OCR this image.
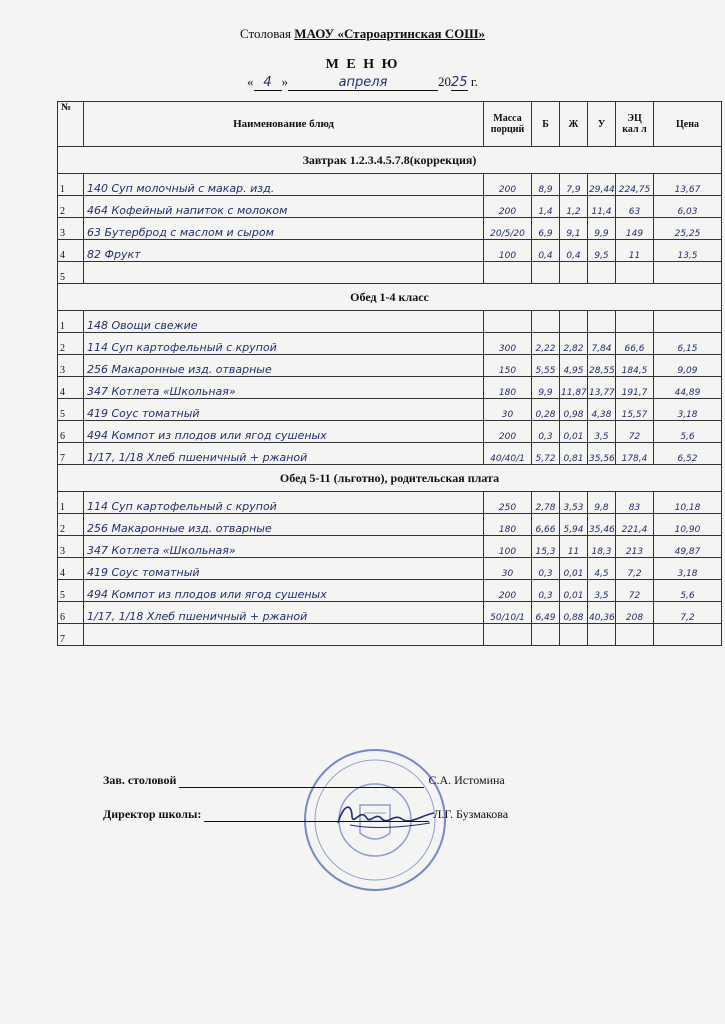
Столовая МАОУ «Староартинская СОШ»
М Е Н Ю
« 4 »	апреля	2025 г.
№	Наименование блюд	Масса порций	Б	Ж	У	ЭЦ кал л	Цена
Завтрак 1.2.3.4.5.7.8(коррекция)							
1	140 Суп молочный с макар. изд.	200	8,9	7,9	29,44	224,75	13,67
2	464 Кофейный напиток с молоком	200	1,4	1,2	11,4	63	6,03
3	63 Бутерброд с маслом и сыром	20/5/20	6,9	9,1	9,9	149	25,25
4	82 Фрукт	100	0,4	0,4	9,5	11	13,5
5							
Обед 1-4 класс							
1	148 Овощи свежие						
2	114 Суп картофельный с крупой	300	2,22	2,82	7,84	66,6	6,15
3	256 Макаронные изд. отварные	150	5,55	4,95	28,55	184,5	9,09
4	347 Котлета «Школьная»	180	9,9	11,87	13,77	191,7	44,89
5	419 Соус томатный	30	0,28	0,98	4,38	15,57	3,18
6	494 Компот из плодов или ягод сушеных	200	0,3	0,01	3,5	72	5,6
7	1/17, 1/18 Хлеб пшеничный + ржаной	40/40/1	5,72	0,81	35,56	178,4	6,52
Обед 5-11 (льготно), родительская плата							
1	114 Суп картофельный с крупой	250	2,78	3,53	9,8	83	10,18
2	256 Макаронные изд. отварные	180	6,66	5,94	35,46	221,4	10,90
3	347 Котлета «Школьная»	100	15,3	11	18,3	213	49,87
4	419 Соус томатный	30	0,3	0,01	4,5	7,2	3,18
5	494 Компот из плодов или ягод сушеных	200	0,3	0,01	3,5	72	5,6
6	1/17, 1/18 Хлеб пшеничный + ржаной	50/10/1	6,49	0,88	40,36	208	7,2
7							
Зав. столовой	С.А. Истомина
Директор школы:	Л.Г. Бузмакова
